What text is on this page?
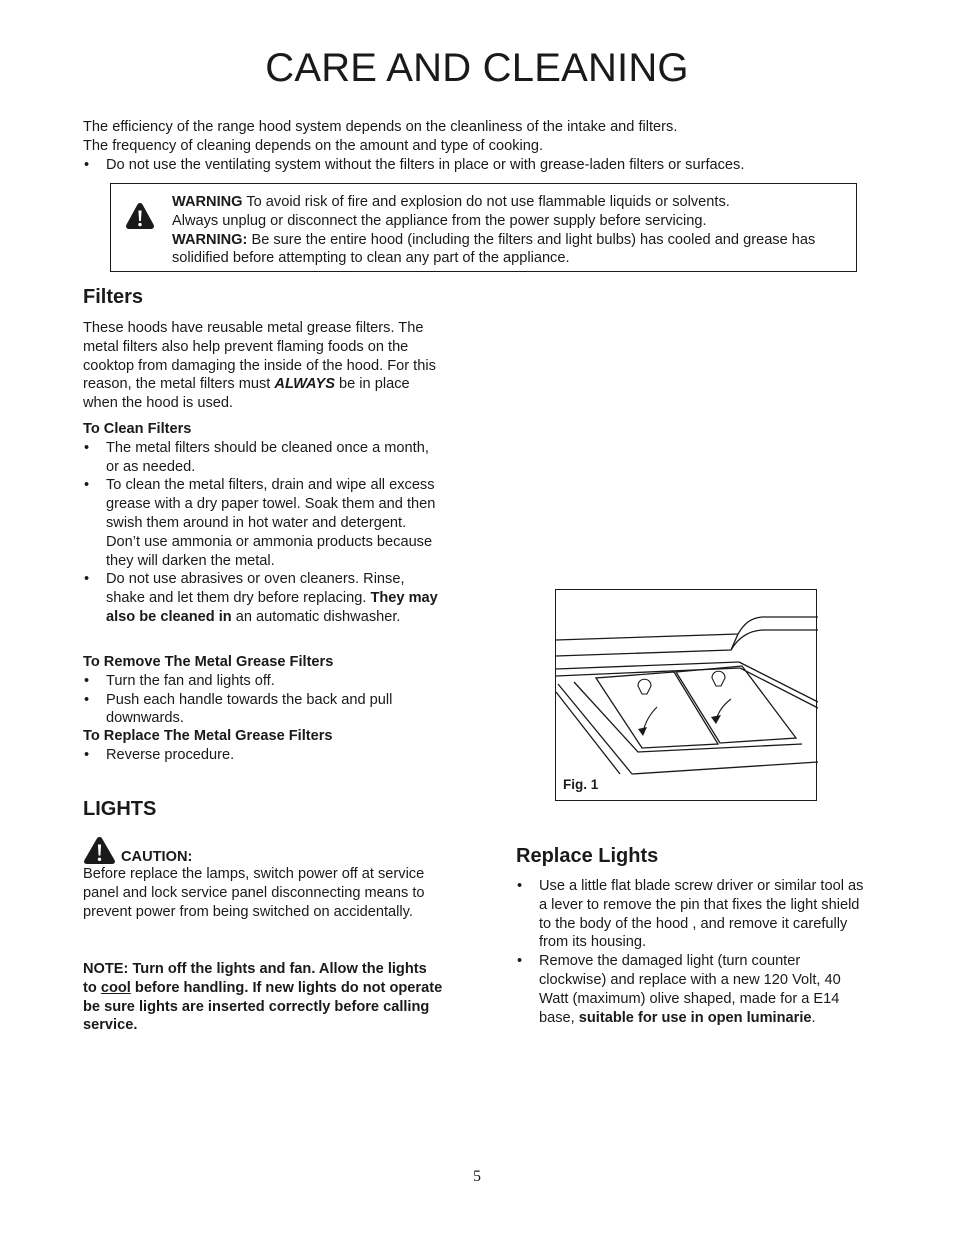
CARE AND CLEANING

The efficiency of the range hood system depends on the cleanliness of the intake and filters.

The frequency of cleaning depends on the amount and type of cooking.

• Do not use the ventilating system without the filters in place or with grease-laden filters or surfaces.

WARNING To avoid risk of fire and explosion do not use flammable liquids or solvents.

Always unplug or disconnect the appliance from the power supply before servicing.

WARNING: Be sure the entire hood (including the filters and light bulbs) has cooled and grease has solidified before attempting to clean any part of the appliance.

Filters

These hoods have reusable metal grease filters. The metal filters also help prevent flaming foods on the cooktop from damaging the inside of the hood. For this reason, the metal filters must ALWAYS be in place when the hood is used.

To Clean Filters

• The metal filters should be cleaned once a month, or as needed.
• To clean the metal filters, drain and wipe all excess grease with a dry paper towel. Soak them and then swish them around in hot water and detergent. Don’t use ammonia or ammonia products because they will darken the metal.
• Do not use abrasives or oven cleaners. Rinse, shake and let them dry before replacing. They may also be cleaned in an automatic dishwasher.

To Remove The Metal Grease Filters

• Turn the fan and lights off.
• Push each handle towards the back and pull downwards.

To Replace The Metal Grease Filters

• Reverse procedure.
Fig. 1
LIGHTS
CAUTION:

Before replace the lamps, switch power off at service panel and lock service panel disconnecting means to prevent power from being switched on accidentally.

NOTE: Turn off the lights and fan. Allow the lights to cool before handling. If new lights do not operate be sure lights are inserted correctly before calling service.

Replace Lights
• Use a little flat blade screw driver or similar tool as a lever to remove the pin that fixes the light shield to the body of the hood , and remove it carefully from its housing.
• Remove the damaged light (turn counter clockwise) and replace with a new 120 Volt, 40 Watt (maximum) olive shaped, made for a E14 base, suitable for use in open luminarie.
5
